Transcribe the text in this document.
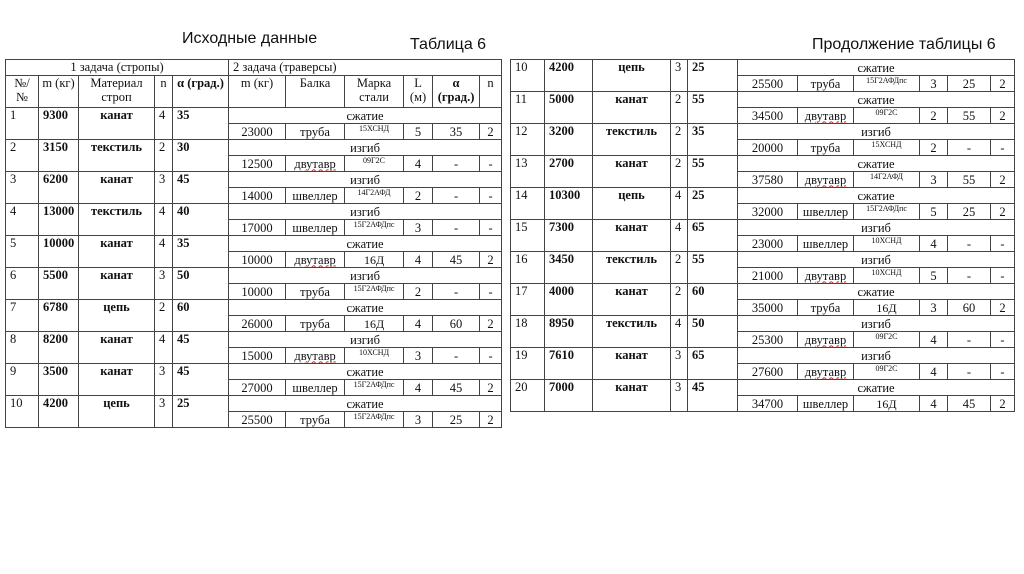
Исходные данные	Таблица 6	Продолжение таблицы 6
1 задача (стропы)					2 задача (траверсы)					
№/ №	m (кг)	Материал строп	n	α (град.)	m (кг)	Балка	Марка стали	L (м)	α (град.)	n
1	9300	канат	4	35	сжатие					
					23000	труба	15ХСНД	5	35	2
2	3150	текстиль	2	30	изгиб					
					12500	двутавр	09Г2С	4	-	-
3	6200	канат	3	45	изгиб					
					14000	швеллер	14Г2АФД	2	-	-
4	13000	текстиль	4	40	изгиб					
					17000	швеллер	15Г2АФДпс	3	-	-
5	10000	канат	4	35	сжатие					
					10000	двутавр	16Д	4	45	2
6	5500	канат	3	50	изгиб					
					10000	труба	15Г2АФДпс	2	-	-
7	6780	цепь	2	60	сжатие					
					26000	труба	16Д	4	60	2
8	8200	канат	4	45	изгиб					
					15000	двутавр	10ХСНД	3	-	-
9	3500	канат	3	45	сжатие					
					27000	швеллер	15Г2АФДпс	4	45	2
10	4200	цепь	3	25	сжатие					
					25500	труба	15Г2АФДпс	3	25	2
10	4200	цепь	3	25	сжатие					
					25500	труба	15Г2АФДпс	3	25	2
11	5000	канат	2	55	сжатие					
					34500	двутавр	09Г2С	2	55	2
12	3200	текстиль	2	35	изгиб					
					20000	труба	15ХСНД	2	-	-
13	2700	канат	2	55	сжатие					
					37580	двутавр	14Г2АФД	3	55	2
14	10300	цепь	4	25	сжатие					
					32000	швеллер	15Г2АФДпс	5	25	2
15	7300	канат	4	65	изгиб					
					23000	швеллер	10ХСНД	4	-	-
16	3450	текстиль	2	55	изгиб					
					21000	двутавр	10ХСНД	5	-	-
17	4000	канат	2	60	сжатие					
					35000	труба	16Д	3	60	2
18	8950	текстиль	4	50	изгиб					
					25300	двутавр	09Г2С	4	-	-
19	7610	канат	3	65	изгиб					
					27600	двутавр	09Г2С	4	-	-
20	7000	канат	3	45	сжатие					
					34700	швеллер	16Д	4	45	2
